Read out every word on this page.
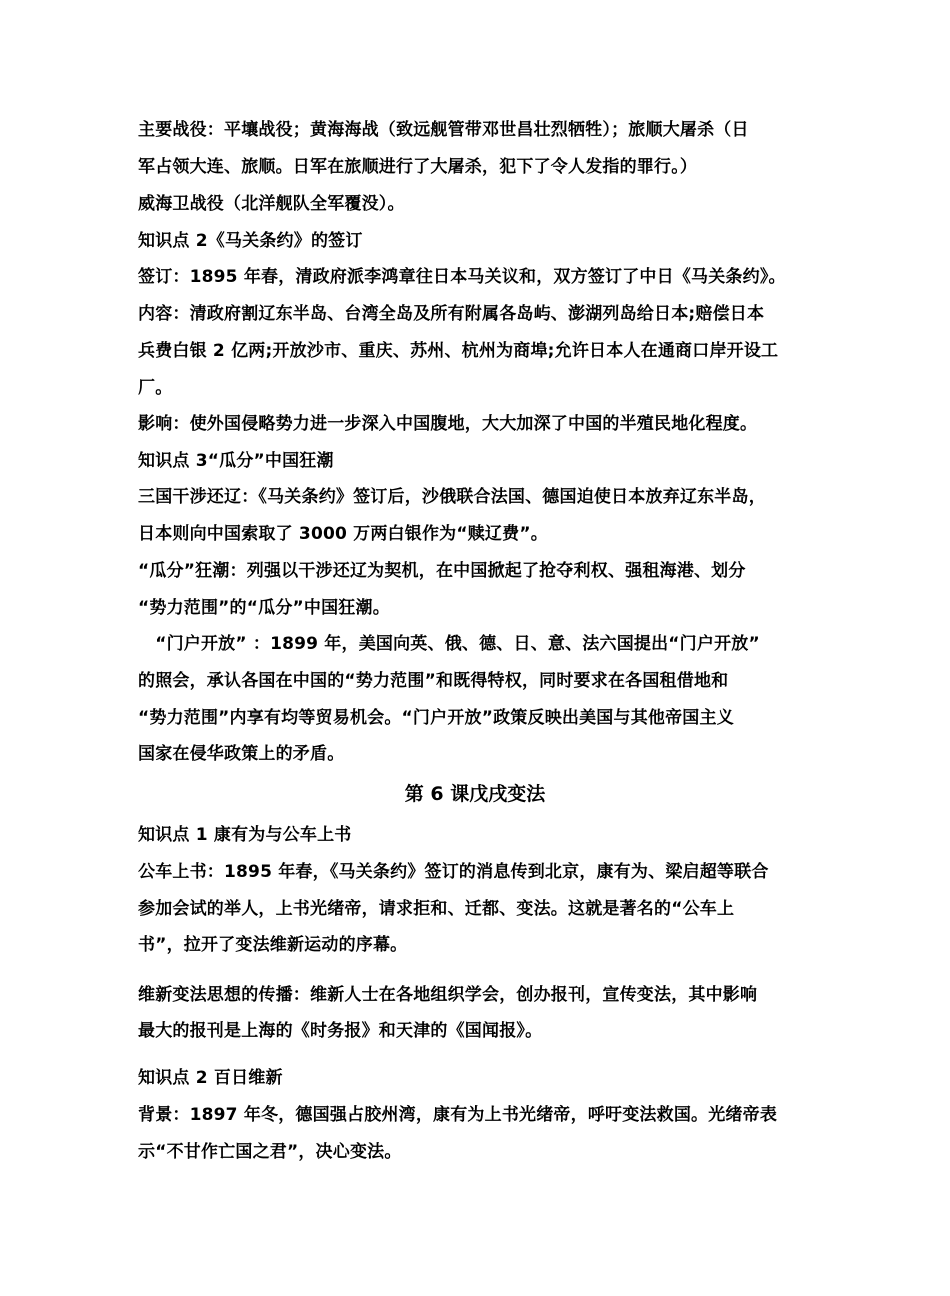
主要战役：平壤战役；黄海海战（致远舰管带邓世昌壮烈牺牲）；旅顺大屠杀（日
军占领大连、旅顺。日军在旅顺进行了大屠杀，犯下了令人发指的罪行。）
威海卫战役（北洋舰队全军覆没）。
知识点 2《马关条约》的签订
签订：1895 年春，清政府派李鸿章往日本马关议和，双方签订了中日《马关条约》。
内容：清政府割辽东半岛、台湾全岛及所有附属各岛屿、澎湖列岛给日本;赔偿日本
兵费白银 2 亿两;开放沙市、重庆、苏州、杭州为商埠;允许日本人在通商口岸开设工
厂。
影响：使外国侵略势力进一步深入中国腹地，大大加深了中国的半殖民地化程度。
知识点 3“瓜分”中国狂潮
三国干涉还辽：《马关条约》签订后，沙俄联合法国、德国迫使日本放弃辽东半岛，
日本则向中国索取了 3000 万两白银作为“赎辽费”。
“瓜分”狂潮：列强以干涉还辽为契机，在中国掀起了抢夺利权、强租海港、划分
“势力范围”的“瓜分”中国狂潮。
　“门户开放” ：1899 年，美国向英、俄、德、日、意、法六国提出“门户开放”
的照会，承认各国在中国的“势力范围”和既得特权，同时要求在各国租借地和
“势力范围”内享有均等贸易机会。“门户开放”政策反映出美国与其他帝国主义
国家在侵华政策上的矛盾。
第 6 课戊戌变法
知识点 1 康有为与公车上书
公车上书：1895 年春，《马关条约》签订的消息传到北京，康有为、梁启超等联合
参加会试的举人，上书光绪帝，请求拒和、迁都、变法。这就是著名的“公车上
书”，拉开了变法维新运动的序幕。
维新变法思想的传播：维新人士在各地组织学会，创办报刊，宣传变法，其中影响
最大的报刊是上海的《时务报》和天津的《国闻报》。
知识点 2 百日维新
背景：1897 年冬，德国强占胶州湾，康有为上书光绪帝，呼吁变法救国。光绪帝表
示“不甘作亡国之君”，决心变法。
